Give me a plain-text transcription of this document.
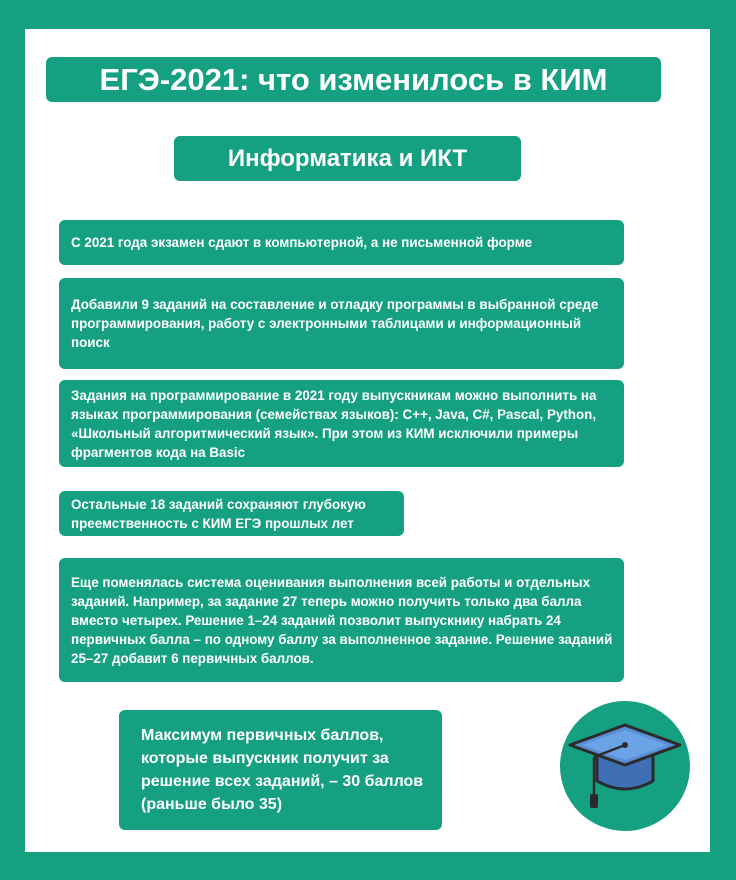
ЕГЭ-2021: что изменилось в КИМ
Информатика и ИКТ
С 2021 года экзамен сдают в компьютерной, а не письменной форме
Добавили 9 заданий на составление и отладку программы в выбранной среде программирования, работу с электронными таблицами и информационный поиск
Задания на программирование в 2021 году выпускникам можно выполнить на языках программирования (семействах языков): С++, Java, C#, Pascal, Python, «Школьный алгоритмический язык». При этом из КИМ исключили примеры фрагментов кода на Basic
Остальные 18 заданий сохраняют глубокую преемственность с КИМ ЕГЭ прошлых лет
Еще поменялась система оценивания выполнения всей работы и отдельных заданий. Например, за задание 27 теперь можно получить только два балла вместо четырех. Решение 1–24 заданий позволит выпускнику набрать 24 первичных балла – по одному баллу за выполненное задание. Решение заданий 25–27 добавит 6 первичных баллов.
Максимум первичных баллов, которые выпускник получит за решение всех заданий, – 30 баллов (раньше было 35)
